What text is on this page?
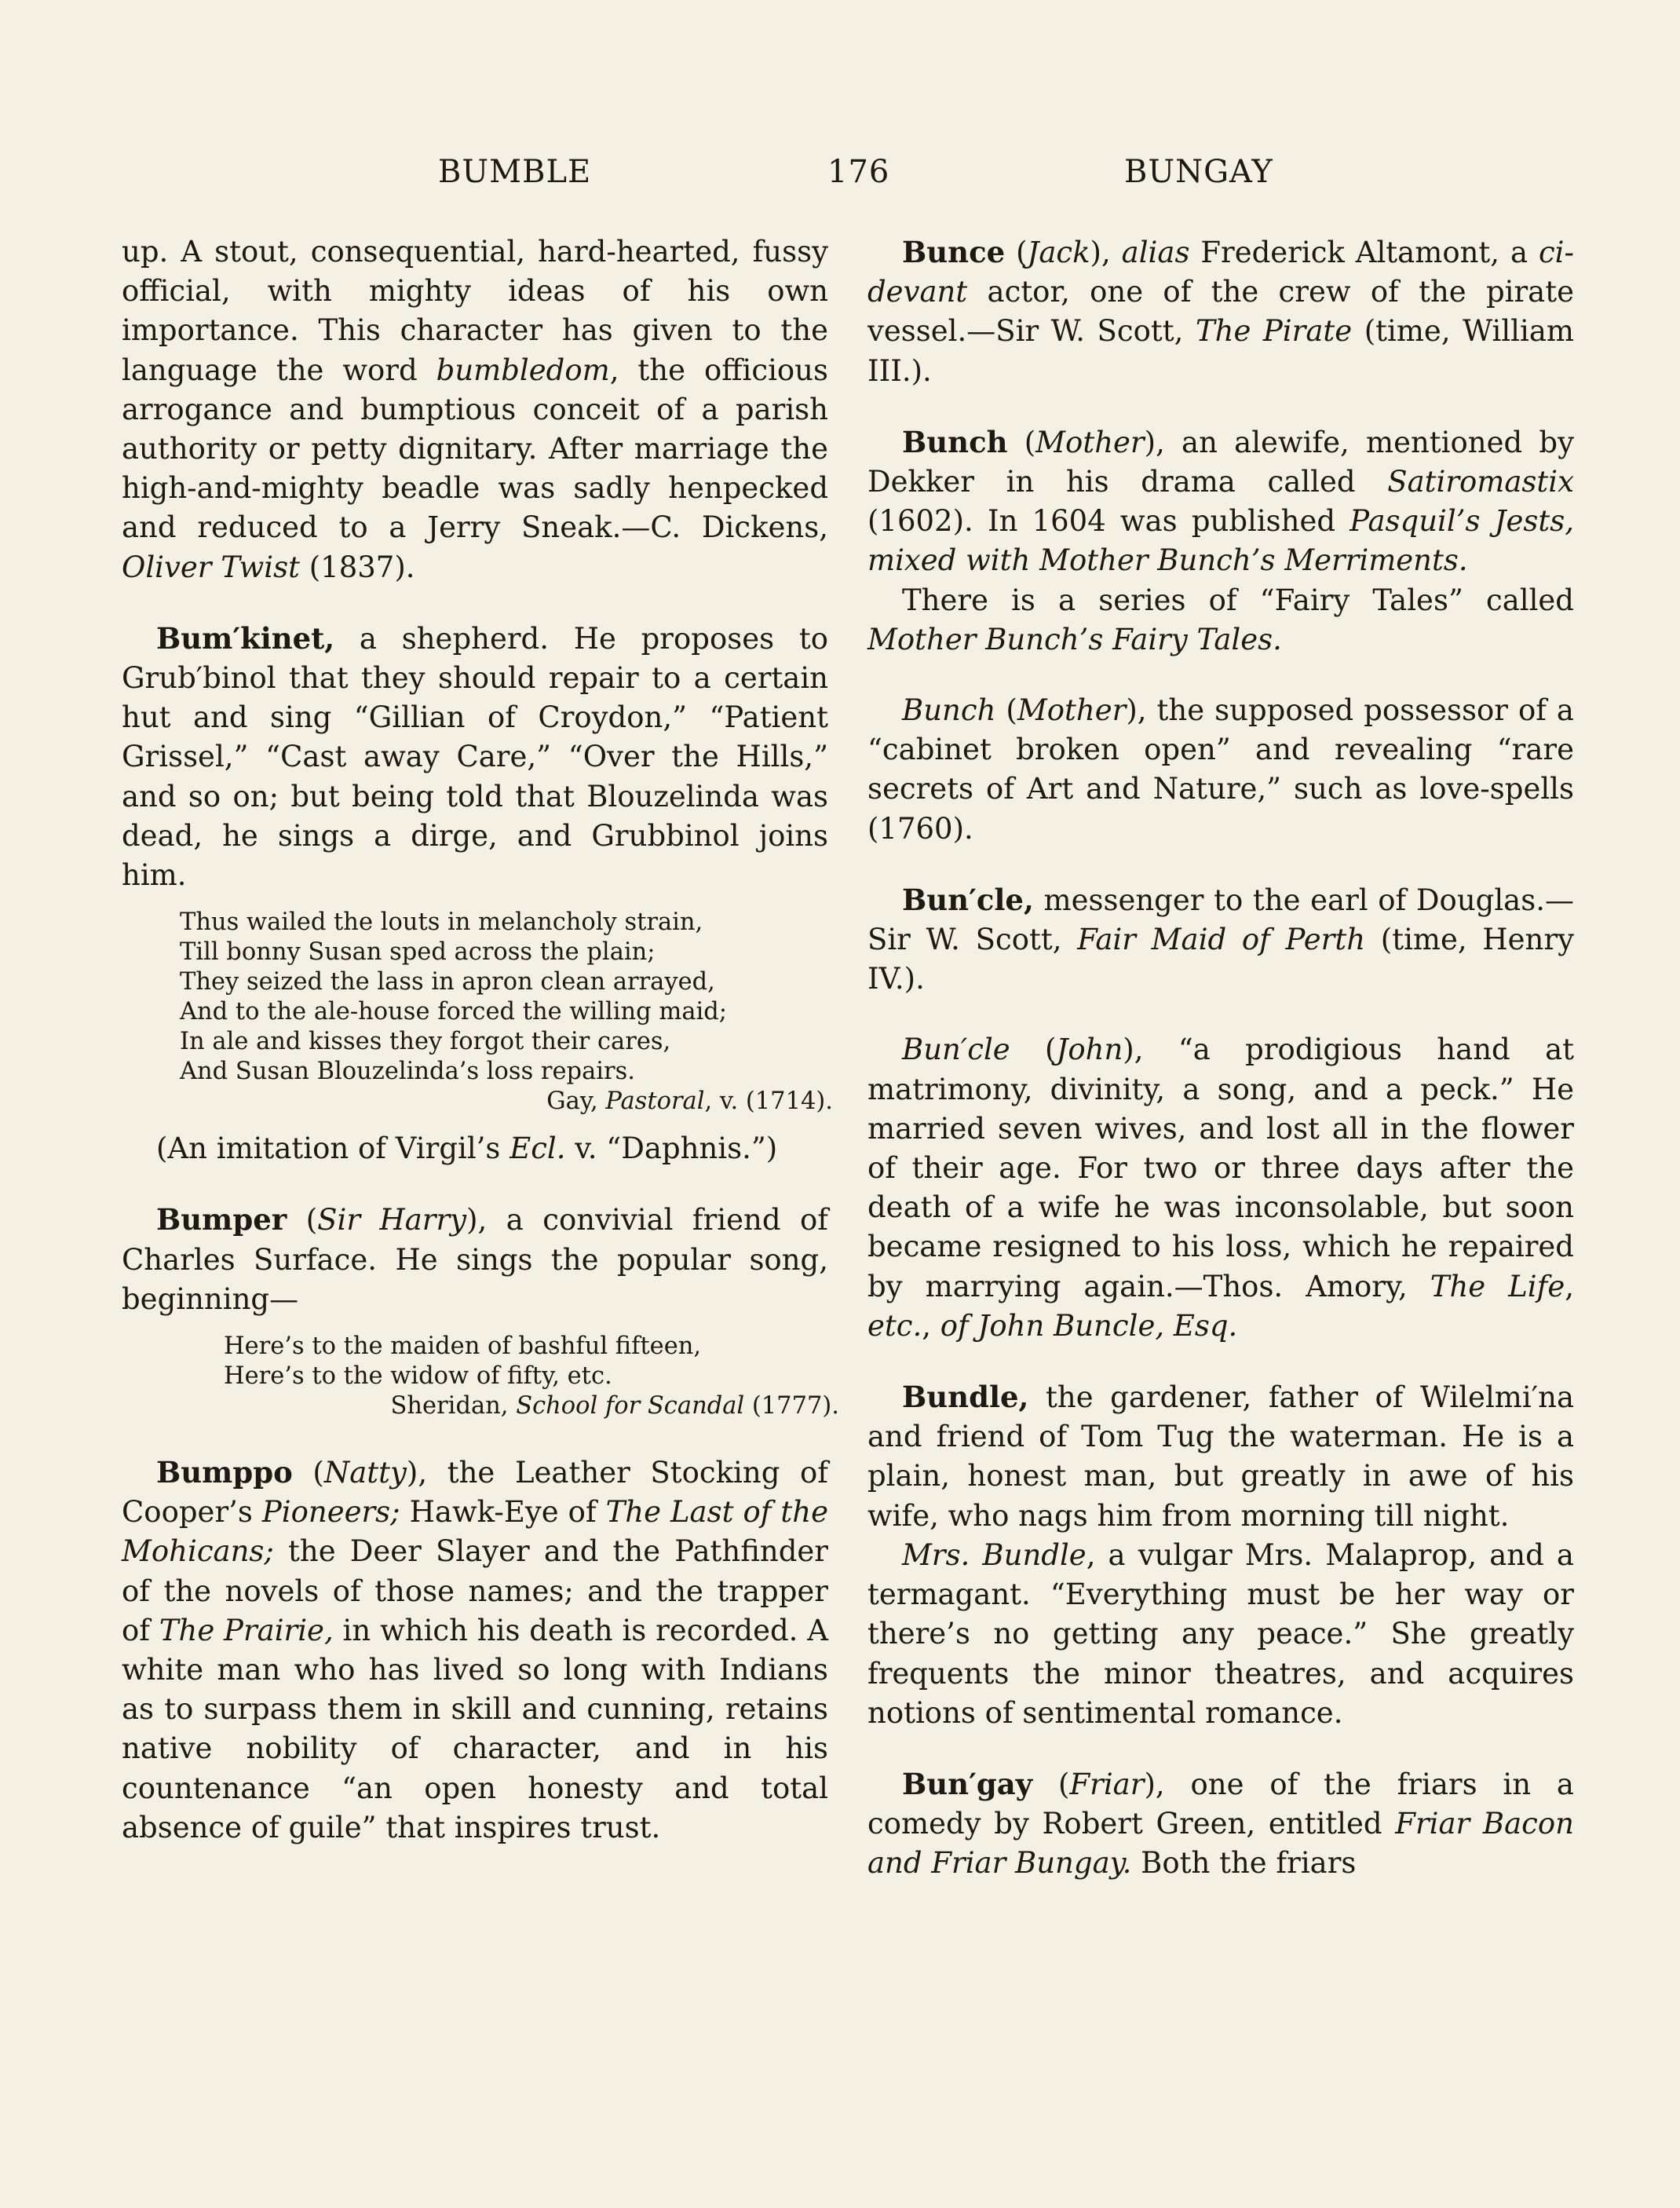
BUMBLE	176	BUNGAY

up. A stout, consequential, hard-hearted, fussy official, with mighty ideas of his own importance. This character has given to the language the word bumbledom, the officious arrogance and bumptious conceit of a parish authority or petty dignitary. After marriage the high-and-mighty beadle was sadly henpecked and reduced to a Jerry Sneak.—C. Dickens, Oliver Twist (1837).

Bum′kinet, a shepherd. He proposes to Grub′binol that they should repair to a certain hut and sing “Gillian of Croydon,” “Patient Grissel,” “Cast away Care,” “Over the Hills,” and so on; but being told that Blouzelinda was dead, he sings a dirge, and Grubbinol joins him.

Thus wailed the louts in melancholy strain,
Till bonny Susan sped across the plain;
They seized the lass in apron clean arrayed,
And to the ale-house forced the willing maid;
In ale and kisses they forgot their cares,
And Susan Blouzelinda’s loss repairs.
Gay, Pastoral, v. (1714).

(An imitation of Virgil’s Ecl. v. “Daphnis.”)

Bumper (Sir Harry), a convivial friend of Charles Surface. He sings the popular song, beginning—

Here’s to the maiden of bashful fifteen,
Here’s to the widow of fifty, etc.
Sheridan, School for Scandal (1777).

Bumppo (Natty), the Leather Stocking of Cooper’s Pioneers; Hawk-Eye of The Last of the Mohicans; the Deer Slayer and the Pathfinder of the novels of those names; and the trapper of The Prairie, in which his death is recorded. A white man who has lived so long with Indians as to surpass them in skill and cunning, retains native nobility of character, and in his countenance “an open honesty and total absence of guile” that inspires trust.

Bunce (Jack), alias Frederick Altamont, a ci-devant actor, one of the crew of the pirate vessel.—Sir W. Scott, The Pirate (time, William III.).

Bunch (Mother), an alewife, mentioned by Dekker in his drama called Satiromastix (1602). In 1604 was published Pasquil’s Jests, mixed with Mother Bunch’s Merriments.

There is a series of “Fairy Tales” called Mother Bunch’s Fairy Tales.

Bunch (Mother), the supposed possessor of a “cabinet broken open” and revealing “rare secrets of Art and Nature,” such as love-spells (1760).

Bun′cle, messenger to the earl of Douglas.—Sir W. Scott, Fair Maid of Perth (time, Henry IV.).

Bun′cle (John), “a prodigious hand at matrimony, divinity, a song, and a peck.” He married seven wives, and lost all in the flower of their age. For two or three days after the death of a wife he was inconsolable, but soon became resigned to his loss, which he repaired by marrying again.—Thos. Amory, The Life, etc., of John Buncle, Esq.

Bundle, the gardener, father of Wilelmi′na and friend of Tom Tug the waterman. He is a plain, honest man, but greatly in awe of his wife, who nags him from morning till night.

Mrs. Bundle, a vulgar Mrs. Malaprop, and a termagant. “Everything must be her way or there’s no getting any peace.” She greatly frequents the minor theatres, and acquires notions of sentimental romance.

Bun′gay (Friar), one of the friars in a comedy by Robert Green, entitled Friar Bacon and Friar Bungay. Both the friars
